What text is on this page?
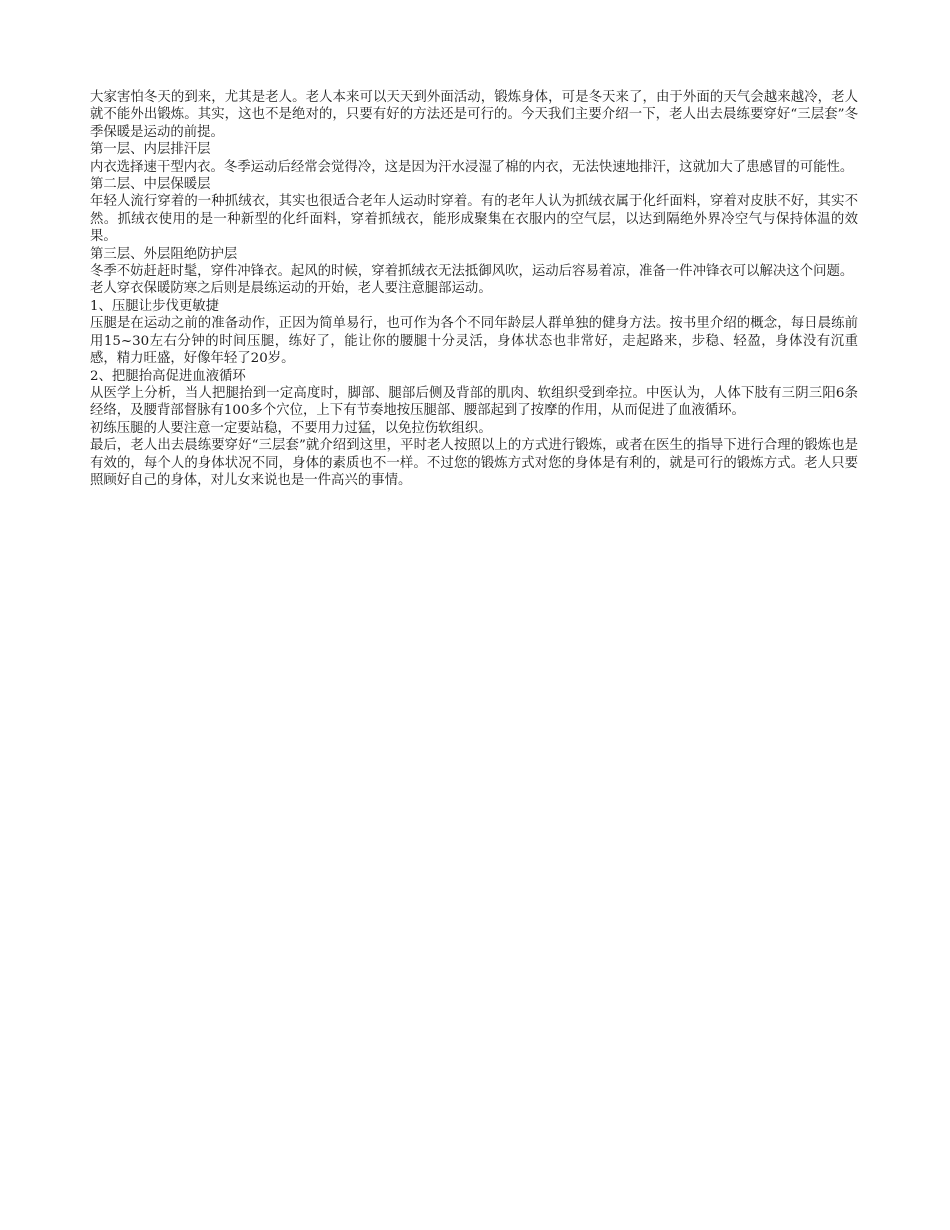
大家害怕冬天的到来，尤其是老人。老人本来可以天天到外面活动，锻炼身体，可是冬天来了，由于外面的天气会越来越冷，老人就不能外出锻炼。其实，这也不是绝对的，只要有好的方法还是可行的。今天我们主要介绍一下，老人出去晨练要穿好“三层套”冬季保暖是运动的前提。

第一层、内层排汗层

内衣选择速干型内衣。冬季运动后经常会觉得冷，这是因为汗水浸湿了棉的内衣，无法快速地排汗，这就加大了患感冒的可能性。

第二层、中层保暖层

年轻人流行穿着的一种抓绒衣，其实也很适合老年人运动时穿着。有的老年人认为抓绒衣属于化纤面料，穿着对皮肤不好，其实不然。抓绒衣使用的是一种新型的化纤面料，穿着抓绒衣，能形成聚集在衣服内的空气层，以达到隔绝外界冷空气与保持体温的效果。

第三层、外层阻绝防护层

冬季不妨赶赶时髦，穿件冲锋衣。起风的时候，穿着抓绒衣无法抵御风吹，运动后容易着凉，准备一件冲锋衣可以解决这个问题。

老人穿衣保暖防寒之后则是晨练运动的开始，老人要注意腿部运动。

1、压腿让步伐更敏捷

压腿是在运动之前的准备动作，正因为简单易行，也可作为各个不同年龄层人群单独的健身方法。按书里介绍的概念，每日晨练前用15~30左右分钟的时间压腿，练好了，能让你的腰腿十分灵活，身体状态也非常好，走起路来，步稳、轻盈，身体没有沉重感，精力旺盛，好像年轻了20岁。

2、把腿抬高促进血液循环

从医学上分析，当人把腿抬到一定高度时，脚部、腿部后侧及背部的肌肉、软组织受到牵拉。中医认为，人体下肢有三阴三阳6条经络，及腰背部督脉有100多个穴位，上下有节奏地按压腿部、腰部起到了按摩的作用，从而促进了血液循环。

初练压腿的人要注意一定要站稳，不要用力过猛，以免拉伤软组织。

最后，老人出去晨练要穿好“三层套”就介绍到这里，平时老人按照以上的方式进行锻炼，或者在医生的指导下进行合理的锻炼也是有效的，每个人的身体状况不同，身体的素质也不一样。不过您的锻炼方式对您的身体是有利的，就是可行的锻炼方式。老人只要照顾好自己的身体，对儿女来说也是一件高兴的事情。
